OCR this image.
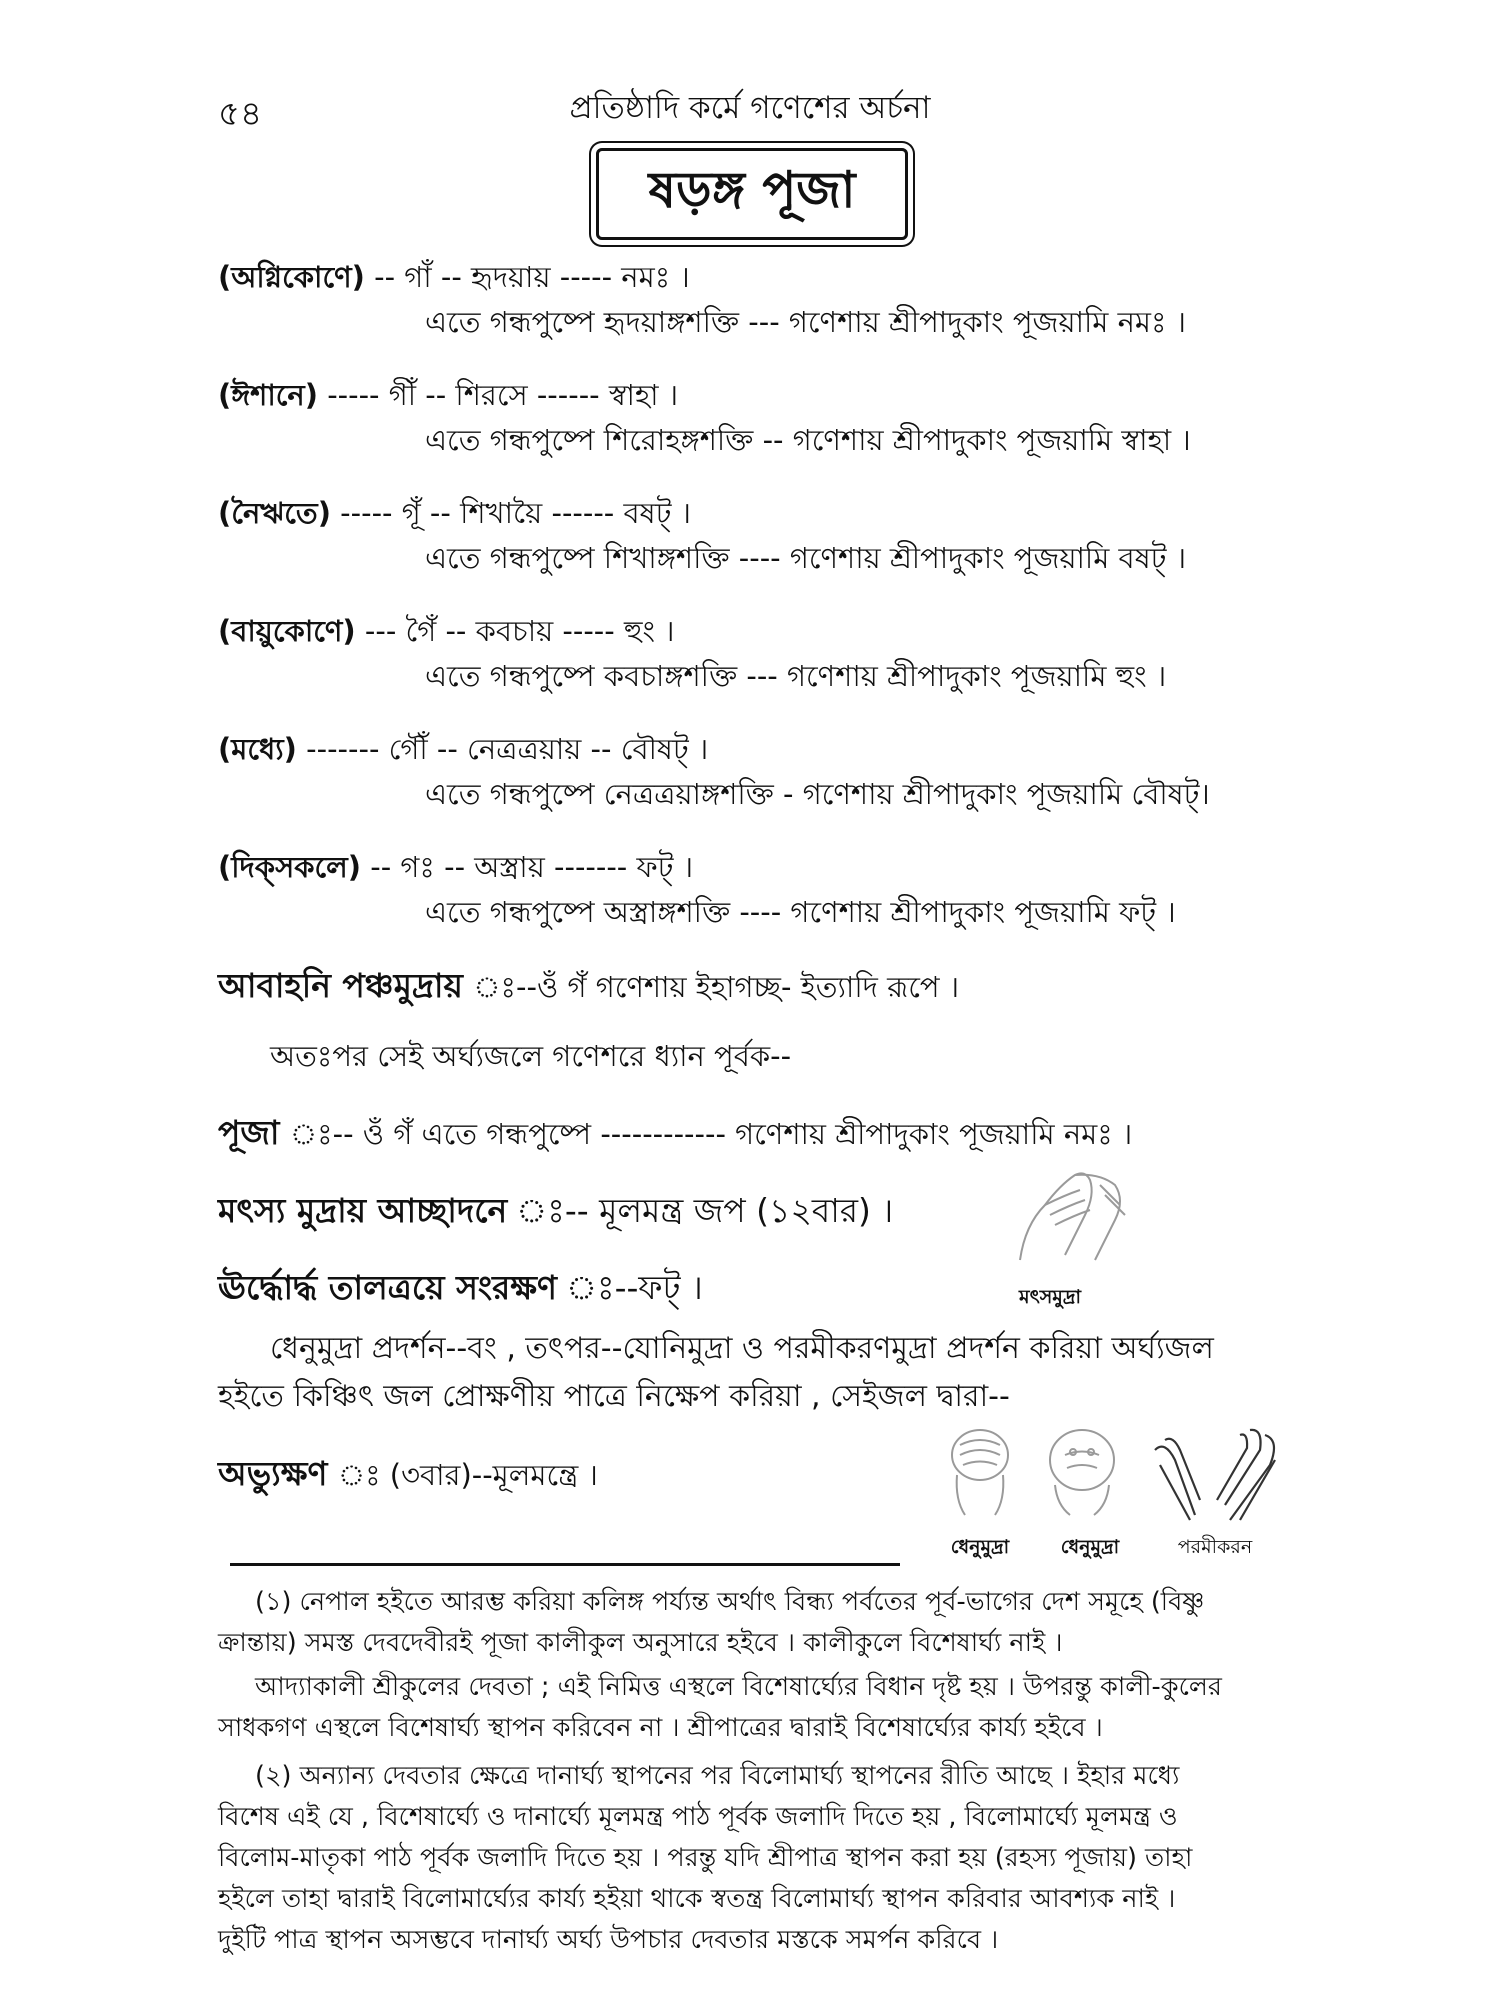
৫৪	প্রতিষ্ঠাদি কর্মে গণেশের অর্চনা
ষড়ঙ্গ পূজা
(অগ্নিকোণে) -- গাঁ -- হৃদয়ায় ----- নমঃ ।
এতে গন্ধপুষ্পে হৃদয়াঙ্গশক্তি --- গণেশায় শ্রীপাদুকাং পূজয়ামি নমঃ ।
(ঈশানে) ----- গীঁ -- শিরসে ------ স্বাহা ।
এতে গন্ধপুষ্পে শিরোহঙ্গশক্তি -- গণেশায় শ্রীপাদুকাং পূজয়ামি স্বাহা ।
(নৈঋতে) ----- গূঁ -- শিখায়ৈ ------ বষট্ ।
এতে গন্ধপুষ্পে শিখাঙ্গশক্তি ---- গণেশায় শ্রীপাদুকাং পূজয়ামি বষট্ ।
(বায়ুকোণে) --- গৈঁ -- কবচায় ----- হুং ।
এতে গন্ধপুষ্পে কবচাঙ্গশক্তি --- গণেশায় শ্রীপাদুকাং পূজয়ামি হুং ।
(মধ্যে) ------- গৌঁ -- নেত্রত্রয়ায় -- বৌষট্ ।
এতে গন্ধপুষ্পে নেত্রত্রয়াঙ্গশক্তি - গণেশায় শ্রীপাদুকাং পূজয়ামি বৌষট্।
(দিক্‌সকলে) -- গঃ -- অস্ত্রায় ------- ফট্ ।
এতে গন্ধপুষ্পে অস্ত্রাঙ্গশক্তি ---- গণেশায় শ্রীপাদুকাং পূজয়ামি ফট্ ।
আবাহনি পঞ্চমুদ্রায় ঃ--ওঁ গঁ গণেশায় ইহাগচ্ছ- ইত্যাদি রূপে ।
অতঃপর সেই অর্ঘ্যজলে গণেশরে ধ্যান পূর্বক--
পূজা ঃ-- ওঁ গঁ এতে গন্ধপুষ্পে ------------ গণেশায় শ্রীপাদুকাং পূজয়ামি নমঃ ।
মৎস্য মুদ্রায় আচ্ছাদনে ঃ-- মূলমন্ত্র জপ (১২বার) ।
ঊর্দ্ধোর্দ্ধ তালত্রয়ে সংরক্ষণ ঃ--ফট্ ।	মৎসমুদ্রা
ধেনুমুদ্রা প্রদর্শন--বং , তৎপর--যোনিমুদ্রা ও পরমীকরণমুদ্রা প্রদর্শন করিয়া অর্ঘ্যজল
হইতে কিঞ্চিৎ জল প্রোক্ষণীয় পাত্রে নিক্ষেপ করিয়া , সেইজল দ্বারা--
অভ্যুক্ষণ ঃ (৩বার)--মূলমন্ত্রে ।
ধেনুমুদ্রা	ধেনুমুদ্রা	পরমীকরন
(১) নেপাল হইতে আরম্ভ করিয়া কলিঙ্গ পর্য্যন্ত অর্থাৎ বিন্ধ্য পর্বতের পূর্ব-ভাগের দেশ সমূহে (বিষ্ণু
ক্রান্তায়) সমস্ত দেবদেবীরই পূজা কালীকুল অনুসারে হইবে । কালীকুলে বিশেষার্ঘ্য নাই ।
আদ্যাকালী শ্রীকুলের দেবতা ; এই নিমিত্ত এস্থলে বিশেষার্ঘ্যের বিধান দৃষ্ট হয় । উপরন্তু কালী-কুলের
সাধকগণ এস্থলে বিশেষার্ঘ্য স্থাপন করিবেন না । শ্রীপাত্রের দ্বারাই বিশেষার্ঘ্যের কার্য্য হইবে ।
(২) অন্যান্য দেবতার ক্ষেত্রে দানার্ঘ্য স্থাপনের পর বিলোমার্ঘ্য স্থাপনের রীতি আছে । ইহার মধ্যে
বিশেষ এই যে , বিশেষার্ঘ্যে ও দানার্ঘ্যে মূলমন্ত্র পাঠ পূর্বক জলাদি দিতে হয় , বিলোমার্ঘ্যে মূলমন্ত্র ও
বিলোম-মাতৃকা পাঠ পূর্বক জলাদি দিতে হয় । পরন্তু যদি শ্রীপাত্র স্থাপন করা হয় (রহস্য পূজায়) তাহা
হইলে তাহা দ্বারাই বিলোমার্ঘ্যের কার্য্য হইয়া থাকে স্বতন্ত্র বিলোমার্ঘ্য স্থাপন করিবার আবশ্যক নাই ।
দুইটি পাত্র স্থাপন অসম্ভবে দানার্ঘ্য অর্ঘ্য উপচার দেবতার মস্তকে সমর্পন করিবে ।
